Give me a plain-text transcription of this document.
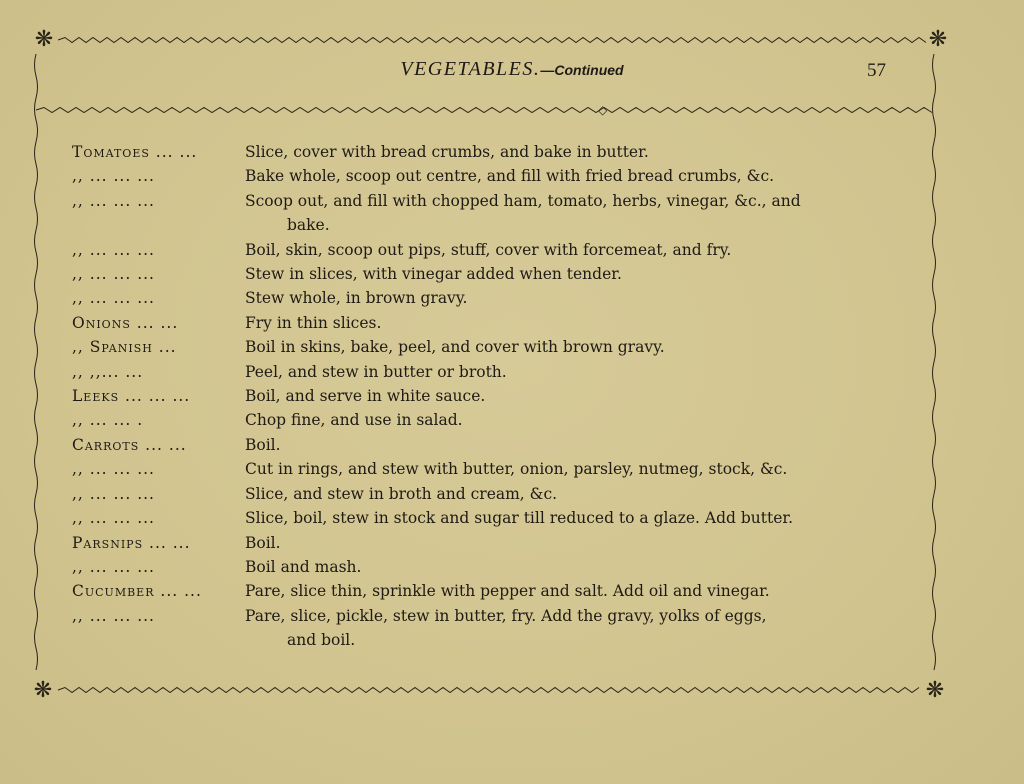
❋	❋
❋	❋
◇
VEGETABLES.—Continued	57
Tomatoes ... ...	Slice, cover with bread crumbs, and bake in butter.
,, ... ... ...	Bake whole, scoop out centre, and fill with fried bread crumbs, &c.
,, ... ... ...	Scoop out, and fill with chopped ham, tomato, herbs, vinegar, &c., and
bake.
,, ... ... ...	Boil, skin, scoop out pips, stuff, cover with forcemeat, and fry.
,, ... ... ...	Stew in slices, with vinegar added when tender.
,, ... ... ...	Stew whole, in brown gravy.
Onions ... ...	Fry in thin slices.
,, Spanish ...	Boil in skins, bake, peel, and cover with brown gravy.
,, ,,... ...	Peel, and stew in butter or broth.
Leeks ... ... ...	Boil, and serve in white sauce.
,, ... ... .	Chop fine, and use in salad.
Carrots ... ...	Boil.
,, ... ... ...	Cut in rings, and stew with butter, onion, parsley, nutmeg, stock, &c.
,, ... ... ...	Slice, and stew in broth and cream, &c.
,, ... ... ...	Slice, boil, stew in stock and sugar till reduced to a glaze. Add butter.
Parsnips ... ...	Boil.
,, ... ... ...	Boil and mash.
Cucumber ... ...	Pare, slice thin, sprinkle with pepper and salt. Add oil and vinegar.
,, ... ... ...	Pare, slice, pickle, stew in butter, fry. Add the gravy, yolks of eggs,
and boil.
